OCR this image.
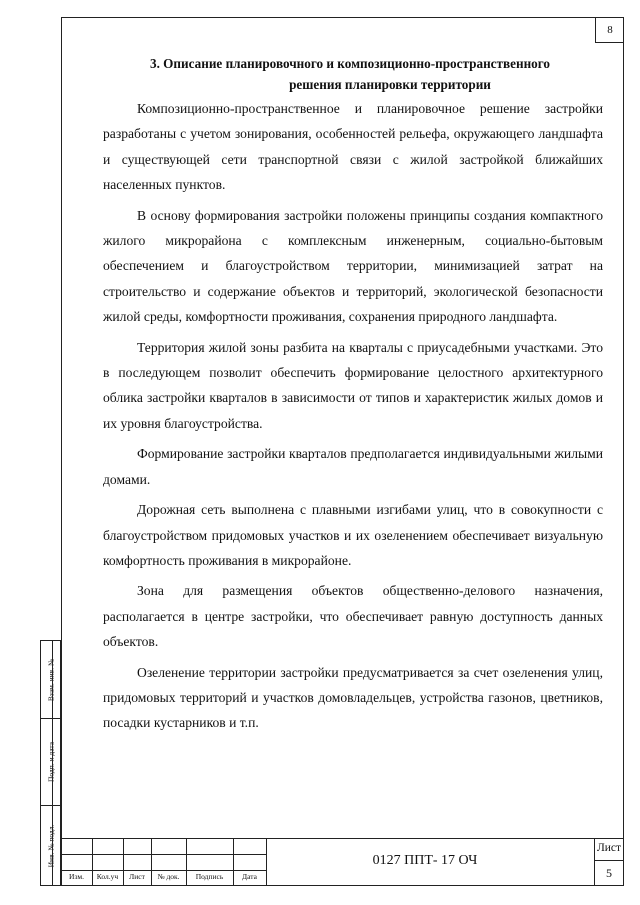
8
3. Описание планировочного и композиционно-пространственного
решения планировки территории

Композиционно-пространственное и планировочное решение застройки разработаны с учетом зонирования, особенностей рельефа, окружающего ландшафта и существующей сети транспортной связи с жилой застройкой ближайших населенных пунктов.

В основу формирования застройки положены принципы создания компактного жилого микрорайона с комплексным инженерным, социально-бытовым обеспечением и благоустройством территории, минимизацией затрат на строительство и содержание объектов и территорий, экологической безопасности жилой среды, комфортности проживания, сохранения природного ландшафта.

Территория жилой зоны разбита на кварталы с приусадебными участками. Это в последующем позволит обеспечить формирование целостного архитектурного облика застройки кварталов в зависимости от типов и характеристик жилых домов и их уровня благоустройства.

Формирование застройки кварталов предполагается индивидуальными жилыми домами.

Дорожная сеть выполнена с плавными изгибами улиц, что в совокупности с благоустройством придомовых участков и их озеленением обеспечивает визуальную комфортность проживания в микрорайоне.

Зона для размещения объектов общественно-делового назначения, располагается в центре застройки, что обеспечивает равную доступность данных объектов.

Озеленение территории застройки предусматривается за счет озеленения улиц, придомовых территорий и участков домовладельцев, устройства газонов, цветников, посадки кустарников и т.п.

Взам. инв. №
Подп. и дата
Инв. № подл.
Изм.	Кол.уч	Лист	№ док.	Подпись	Дата
0127 ППТ- 17 ОЧ
Лист
5
